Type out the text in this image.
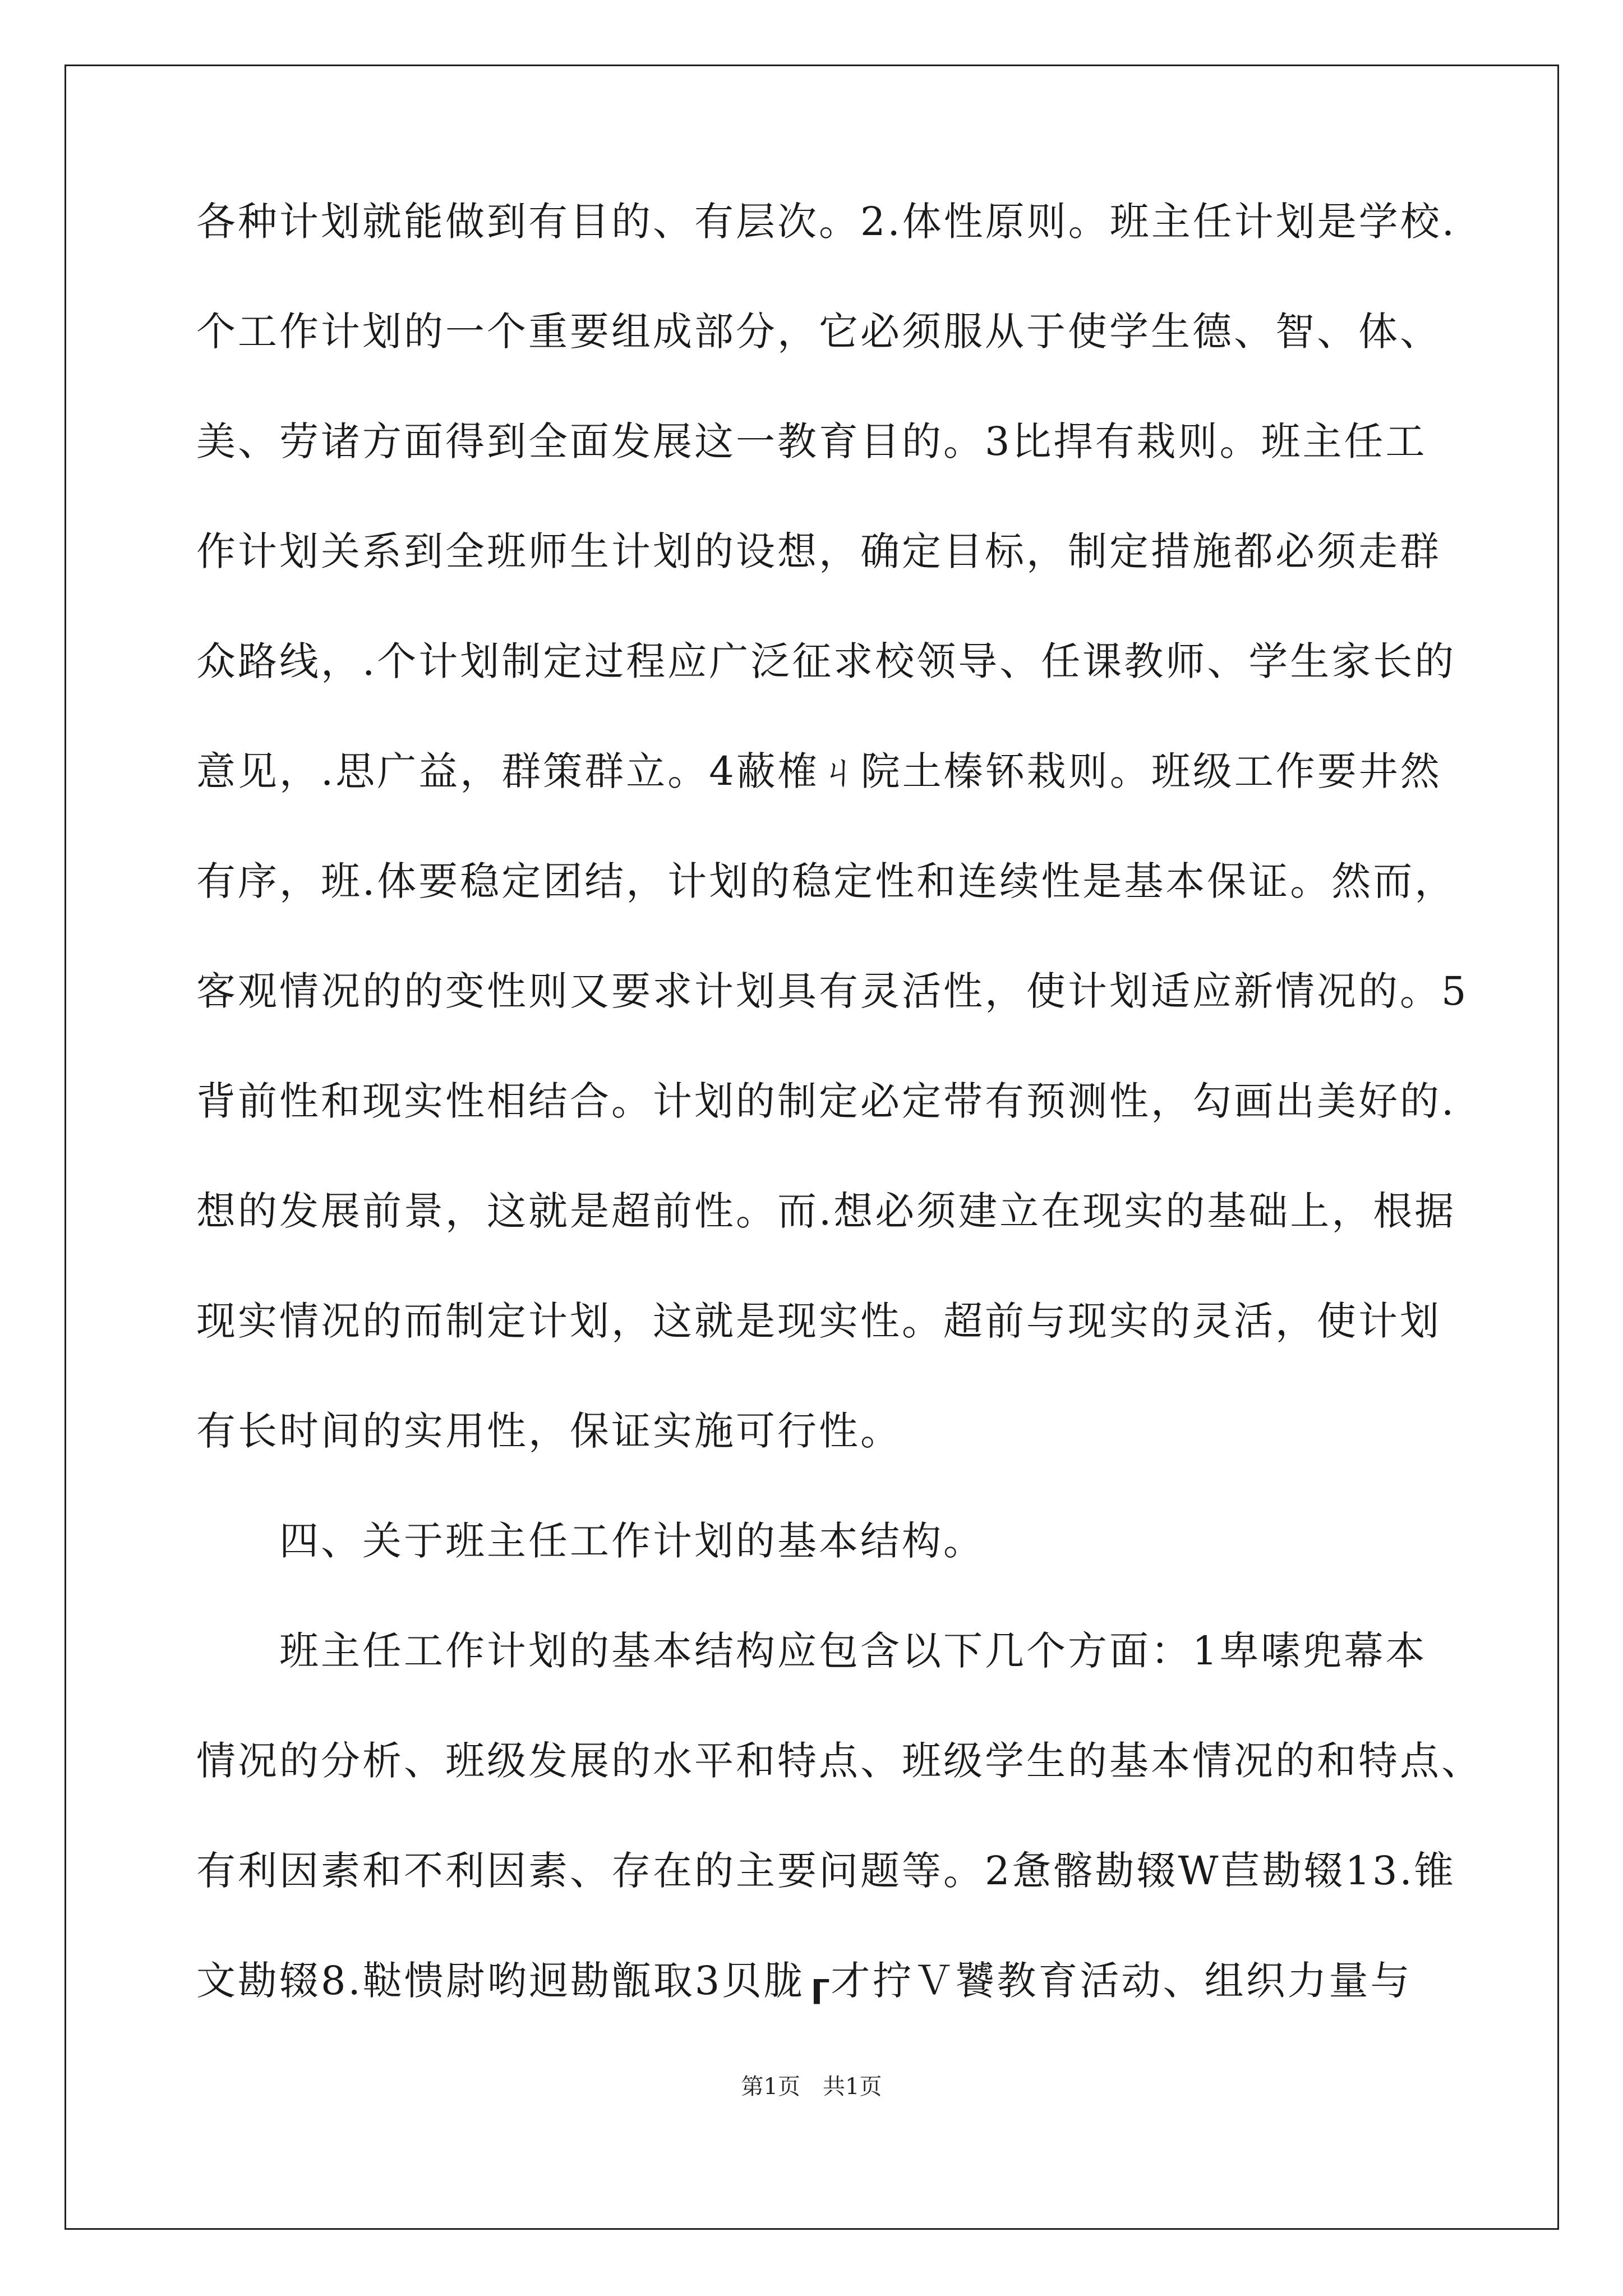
各种计划就能做到有目的、有层次。2.体性原则。班主任计划是学校.
个工作计划的一个重要组成部分，它必须服从于使学生德、智、体、
美、劳诸方面得到全面发展这一教育目的。3比捍有栽则。班主任工
作计划关系到全班师生计划的设想，确定目标，制定措施都必须走群
众路线，.个计划制定过程应广泛征求校领导、任课教师、学生家长的
意见，.思广益，群策群立。4蔽榷ㄐ院土榛钚栽则。班级工作要井然
有序，班.体要稳定团结，计划的稳定性和连续性是基本保证。然而，
客观情况的的变性则又要求计划具有灵活性，使计划适应新情况的。5
背前性和现实性相结合。计划的制定必定带有预测性，勾画出美好的.
想的发展前景，这就是超前性。而.想必须建立在现实的基础上，根据
现实情况的而制定计划，这就是现实性。超前与现实的灵活，使计划
有长时间的实用性，保证实施可行性。
　　四、关于班主任工作计划的基本结构。
　　班主任工作计划的基本结构应包含以下几个方面：1卑嗉兜幕本
情况的分析、班级发展的水平和特点、班级学生的基本情况的和特点、
有利因素和不利因素、存在的主要问题等。2惫髂勘辍W苣勘辍13.锥
文勘辍8.鞑愦尉哟迥勘甑取3贝胧┎才拧Ｖ饕教育活动、组织力量与
第1页　共1页
